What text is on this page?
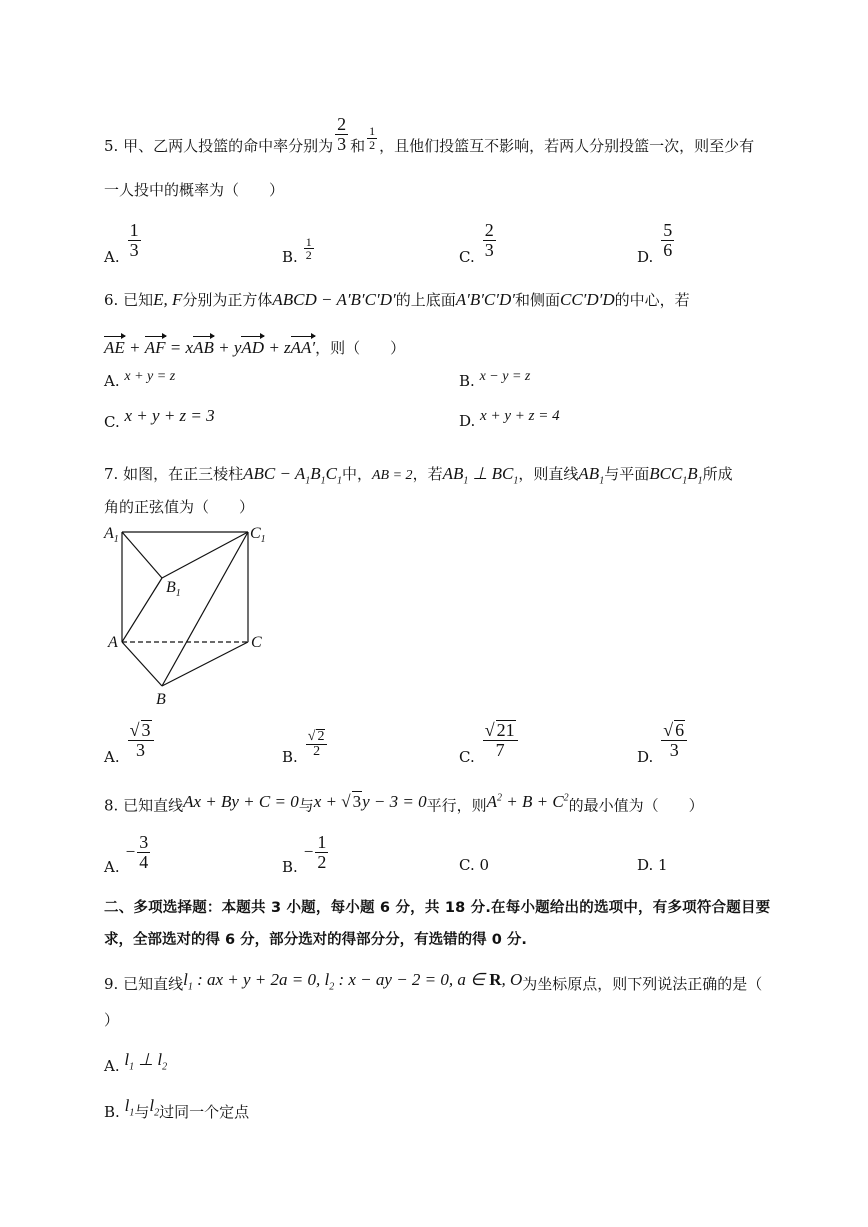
5. 甲、乙两人投篮的命中率分别为 $\frac{2}{3}$ 和 $\frac{1}{2}$ ，且他们投篮互不影响，若两人分别投篮一次，则至少有
一人投中的概率为（　　）
A. $\frac{1}{3}$	B. $\frac{1}{2}$	C. $\frac{2}{3}$	D. $\frac{5}{6}$
6. 已知E, F分别为正方体ABCD − A′B′C′D′的上底面A′B′C′D′和侧面CC′D′D的中心，若
AE + AF = xAB + yAD + zAA′，则（　　）
A. x + y = z	B. x − y = z
C. x + y + z = 3	D. x + y + z = 4
7. 如图，在正三棱柱ABC − $A_1B_1C_1$中，AB = 2，若$AB_1$ ⊥ $BC_1$，则直线$AB_1$与平面$BCC_1B_1$所成
角的正弦值为（　　）
$A_1$	$C_1$
$B_1$
A	C
B
A. $\frac{√ 3}{3}$	B. $\frac{√ 2}{2}$	C. $\frac{√ 21}{7}$	D. $\frac{√ 6}{3}$
8. 已知直线Ax + By + C = 0与x + √ 3y − 3 = 0平行，则$A^2 + B + C^2$的最小值为（　　）
A.
− $\frac{3}{4}$	B.
− $\frac{1}{2}$	C. 0	D. 1
二、多项选择题：本题共 3 小题，每小题 6 分，共 18 分.在每小题给出的选项中，有多项符合题目要
求，全部选对的得 6 分，部分选对的得部分分，有选错的得 0 分.
9. 已知直线$l_1$ : ax + y + 2a = 0, $l_2$ : x − ay − 2 = 0, a ∈ R, O为坐标原点，则下列说法正确的是（
）
A. $l_1$ ⊥ $l_2$
B. $l_1$与$l_2$过同一个定点
